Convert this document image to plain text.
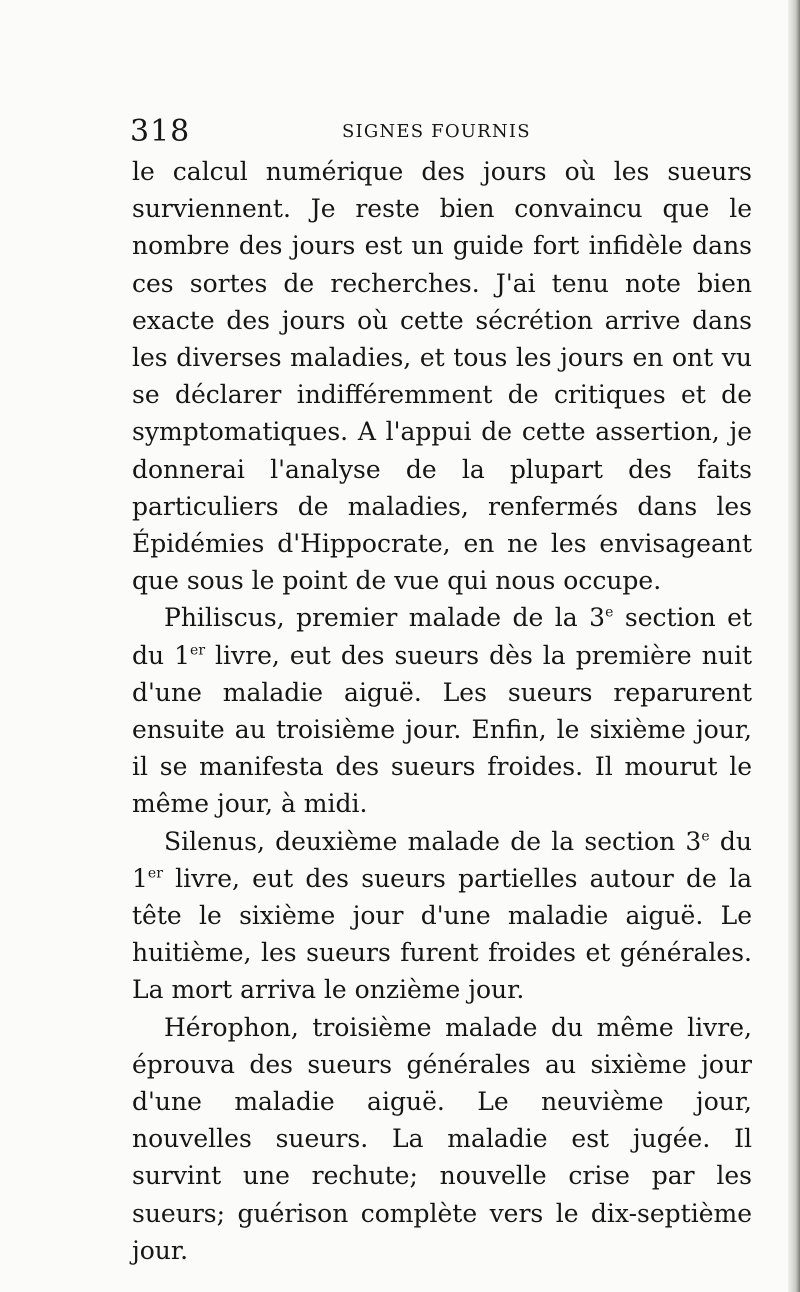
318	SIGNES FOURNIS

le calcul numérique des jours où les sueurs surviennent. Je reste bien convaincu que le nombre des jours est un guide fort infidèle dans ces sortes de recherches. J'ai tenu note bien exacte des jours où cette sécrétion arrive dans les diverses maladies, et tous les jours en ont vu se déclarer indifféremment de critiques et de symptomatiques. A l'appui de cette assertion, je donnerai l'analyse de la plupart des faits particuliers de maladies, renfermés dans les Épidémies d'Hippocrate, en ne les envisageant que sous le point de vue qui nous occupe.

Philiscus, premier malade de la 3e section et du 1er livre, eut des sueurs dès la première nuit d'une maladie aiguë. Les sueurs reparurent ensuite au troisième jour. Enfin, le sixième jour, il se manifesta des sueurs froides. Il mourut le même jour, à midi.

Silenus, deuxième malade de la section 3e du 1er livre, eut des sueurs partielles autour de la tête le sixième jour d'une maladie aiguë. Le huitième, les sueurs furent froides et générales. La mort arriva le onzième jour.

Hérophon, troisième malade du même livre, éprouva des sueurs générales au sixième jour d'une maladie aiguë. Le neuvième jour, nouvelles sueurs. La maladie est jugée. Il survint une rechute; nouvelle crise par les sueurs; guérison complète vers le dix-septième jour.
